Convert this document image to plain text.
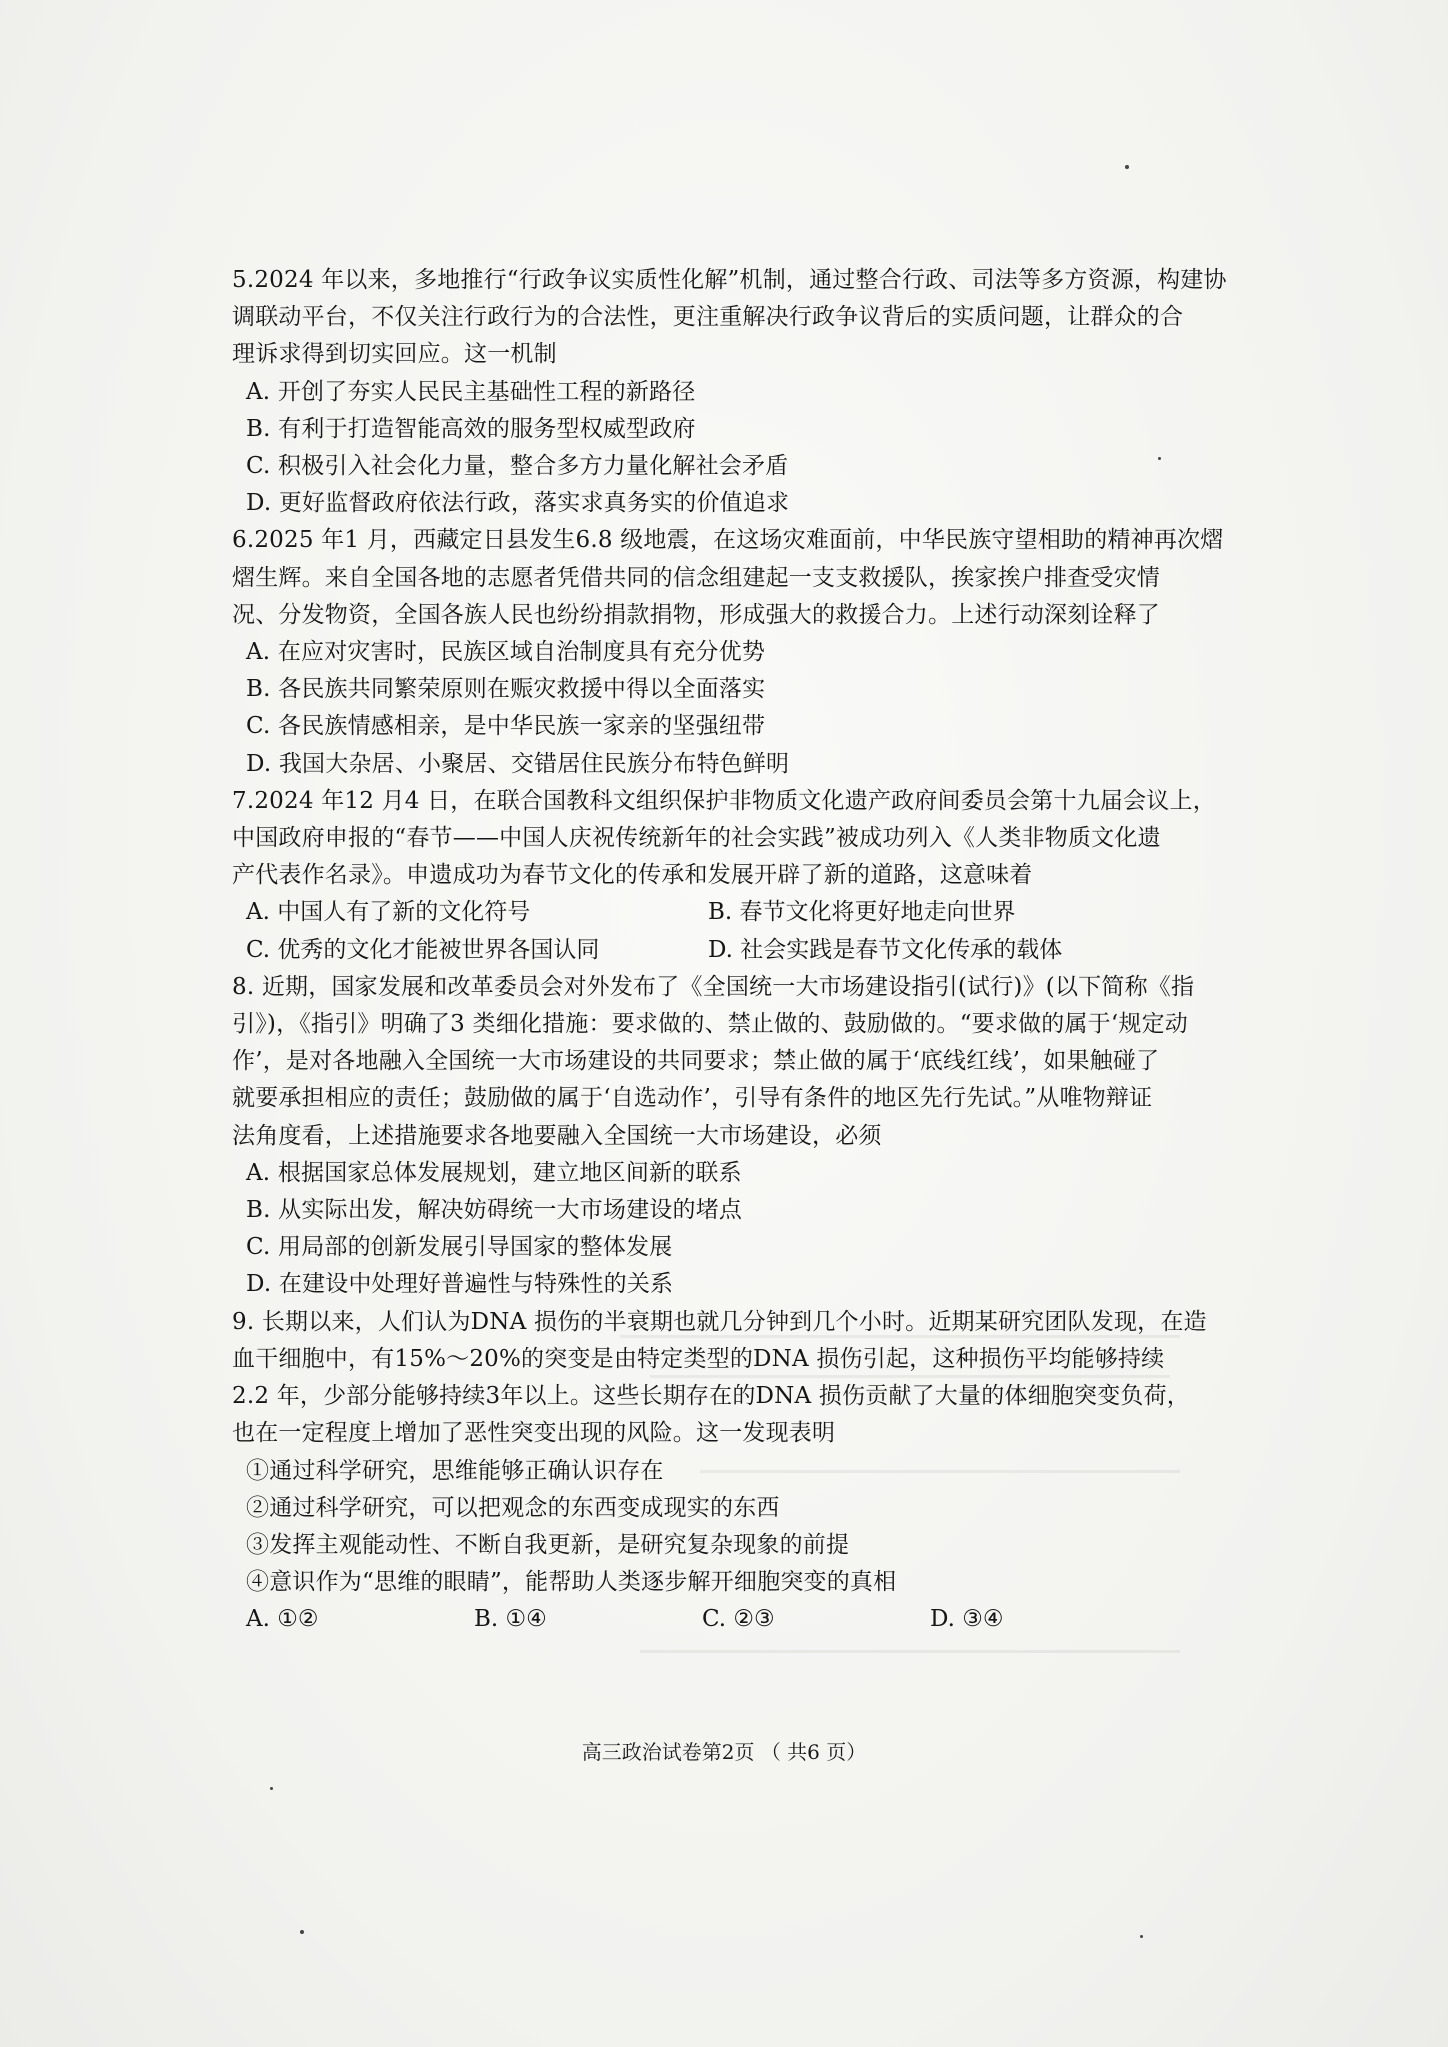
5.2024 年以来，多地推行“行政争议实质性化解”机制，通过整合行政、司法等多方资源，构建协
调联动平台，不仅关注行政行为的合法性，更注重解决行政争议背后的实质问题，让群众的合
理诉求得到切实回应。这一机制
A. 开创了夯实人民民主基础性工程的新路径
B. 有利于打造智能高效的服务型权威型政府
C. 积极引入社会化力量，整合多方力量化解社会矛盾
D. 更好监督政府依法行政，落实求真务实的价值追求
6.2025 年1 月，西藏定日县发生6.8 级地震，在这场灾难面前，中华民族守望相助的精神再次熠
熠生辉。来自全国各地的志愿者凭借共同的信念组建起一支支救援队，挨家挨户排查受灾情
况、分发物资，全国各族人民也纷纷捐款捐物，形成强大的救援合力。上述行动深刻诠释了
A. 在应对灾害时，民族区域自治制度具有充分优势
B. 各民族共同繁荣原则在赈灾救援中得以全面落实
C. 各民族情感相亲，是中华民族一家亲的坚强纽带
D. 我国大杂居、小聚居、交错居住民族分布特色鲜明
7.2024 年12 月4 日，在联合国教科文组织保护非物质文化遗产政府间委员会第十九届会议上，
中国政府申报的“春节——中国人庆祝传统新年的社会实践”被成功列入《人类非物质文化遗
产代表作名录》。申遗成功为春节文化的传承和发展开辟了新的道路，这意味着
A. 中国人有了新的文化符号	B. 春节文化将更好地走向世界
C. 优秀的文化才能被世界各国认同	D. 社会实践是春节文化传承的载体
8. 近期，国家发展和改革委员会对外发布了《全国统一大市场建设指引(试行)》(以下简称《指
引》)，《指引》明确了3 类细化措施：要求做的、禁止做的、鼓励做的。“要求做的属于‘规定动
作’，是对各地融入全国统一大市场建设的共同要求；禁止做的属于‘底线红线’，如果触碰了
就要承担相应的责任；鼓励做的属于‘自选动作’，引导有条件的地区先行先试。”从唯物辩证
法角度看，上述措施要求各地要融入全国统一大市场建设，必须
A. 根据国家总体发展规划，建立地区间新的联系
B. 从实际出发，解决妨碍统一大市场建设的堵点
C. 用局部的创新发展引导国家的整体发展
D. 在建设中处理好普遍性与特殊性的关系
9. 长期以来，人们认为DNA 损伤的半衰期也就几分钟到几个小时。近期某研究团队发现，在造
血干细胞中，有15%～20%的突变是由特定类型的DNA 损伤引起，这种损伤平均能够持续
2.2 年，少部分能够持续3年以上。这些长期存在的DNA 损伤贡献了大量的体细胞突变负荷，
也在一定程度上增加了恶性突变出现的风险。这一发现表明
①通过科学研究，思维能够正确认识存在
②通过科学研究，可以把观念的东西变成现实的东西
③发挥主观能动性、不断自我更新，是研究复杂现象的前提
④意识作为“思维的眼睛”，能帮助人类逐步解开细胞突变的真相
A. ①②	B. ①④	C. ②③	D. ③④
高三政治试卷第2页 （ 共6 页）
